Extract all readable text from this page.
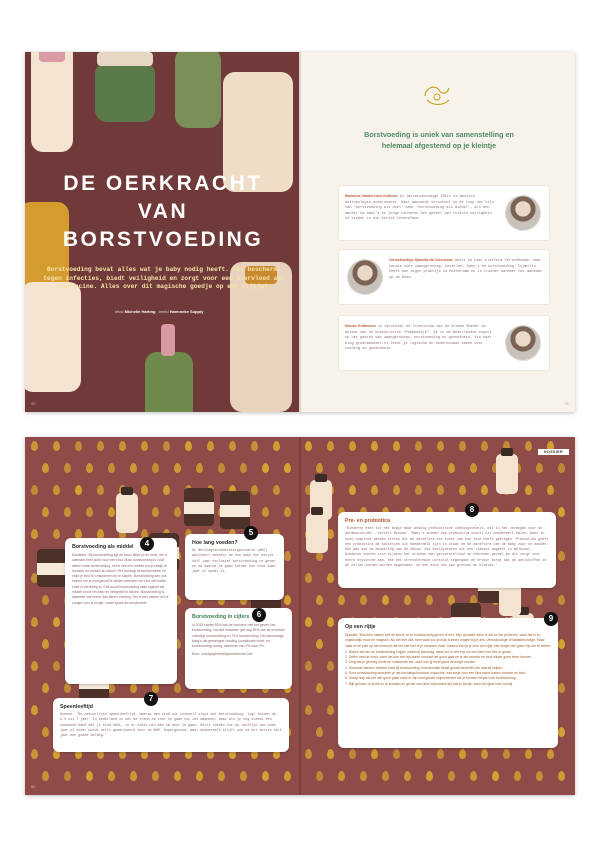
DE OERKRACHT
VAN
BORSTVOEDING
Borstvoeding bevat alles wat je baby nodig heeft. Het beschermt tegen infecties, biedt veiligheid en zorgt voor een overvloed aan oxytocine. Alles over dit magische goedje op een rijtje!
tekst Michelle Harting beeld Hannneke Supply
90
Borstvoeding is uniek van samenstelling en helemaal afgestemd op je kleintje
Marianne Vandervoen-Koikena is lactatiekundige IBCLC en medisch antropologie-onderzoeker. Haar aandacht verschoof in de loop der tijd van 'borstvoeding als doel' naar 'borstvoeding als middel', als een manier om baby's en jonge kinderen een gevoel van relaxte veiligheid te bieden in hun eerste levensfase.
Verloskundige Djamilla da Conceicao deelt op haar platform VerlosMonker haar kennis over zwangerschap, bevallen, baby's en borstvoeding. Djamilla heeft een eigen praktijk in Rotterdam en is trainer wanneer het aankomt op de Rusa.
Nienke Gottenbos is oprichter en frontvrouw van De Groene Moeder en auteur van de boeken/serie "Pompboekje". Ze is de Nederlandse expert op het gebied van zwangerschap, borstvoeding en gezondheid. Via haar blog groenemoeder.nl leest je logische en onderbouwde zaken over voeding en gezondheid.
91
Borstvoeding als middel
Marianne: 'Bij borstvoeding ligt de focus altijd op de melk, die is uiteraard heel goed voor een kind. Maar borstvoeding is nooit alleen maar borstvoeding, het is ook een middel om je kindje te troosten en contact te maken. Het verlaagt stresshormonen en helpt je kind te ontspannen en te slapen. Borstvoeding kan ook helpen om je kind gerust te stellen wanneer het zich niet lekker voelt of verdrietig is. Ook wordt borstvoeding vaak ingezet als middel om te hechten en veiligheid te bieden. Borstvoeding is daarmee veel meer dan alleen voeding. Het is een manier om te zorgen voor je kindje, zowel fysiek als emotioneel.'
4	Hoe lang voeden?
De Wereldgezondheidsorganisatie (WHO) adviseert moeders om hun baby het eerste half jaar exclusief borstvoeding te geven en om daarna te gaan totdat hun kind twee jaar of ouder is.
5
Borstvoeding in cijfers
In 2018 startte 83% van de moeders met het geven van borstvoeding. Na drie maanden gaf nog 39% van de moeders volledige borstvoeding en 73% borstvoeding. Het percentage baby's dat gemengde voeding (combinatie borst- en borstvoeding) kreeg, varieerde van 2% naar 9%.
Bron: voorlopigevoedingsonderzoek.info
6
Speenleeftijd
Nienke: 'De natuurlijke speenleeftijd, waarop een kind uit zichzelf stopt met borstvoeding, ligt tussen de 2,5 tot 7 jaar. In Nederland is het de trend om voor te gaan tot zes maanden, maar als je nog steeds een voedende band met je kind hebt, is er niets mis mee om door te gaan. Borst voeden tot de leeftijd van twee jaar of ouder wordt zelfs geadviseerd door de WHO. Supergezond, want moedermelk blijft ook na het eerste half jaar een goede belang.'
7
92
DOSSIER
Pre- en probiotica
'Kinderen eten tot het begin maar weinig prebiotische voedingsvezels, dit is het vermogen voor de darmbacteriën', vertelt Nienke. 'Baby's vormen hun probiotica vooral uit moedermelk halen, want in onze complexe darmen zitten dit de darmflora een kunst van een luxe heeft gekregen. Prebiotiek geeft een probiotica de bacteriën uit moedermelk zijn in staat om de darmflora van de baby zuur te houden. Dat was ook de bedoeling van de natuur die koolhydraten uit een lidboei omgezet in melkzuur. Kinderen kennen zich tijdens het drinken een geruststellend en tevreden gevoel en dit zorgt voor extra oxytocine aan. Hoe het stresshormoon cortisol tegengaat en ervoor zorgt dat de antistoffen in de cellen kunnen worden opgenomen, en een kind dus kan groeien en bloeien.'
8
Op een rijtje
Djamilla: 'Moeders maken zelf de keuze of ze borstvoeding geven of niet. Mijn grootste wens is dat ze het proberen, want het is zo ongelooflijk mooi en magisch. Als het niet lukt, heel vaak zou je hulp kunnen vragen bij je arts, verloskundige of lactatiekundige. Maar vaak is het juist op het moment dat het niet lukt of je ertussen voelt. Daarna kan je je toch een rijtje met dingen die goed zijn om te weten:
1. Baby's wil van de borstvoeding krijgen zodra hij kan/mag, maar het is niet erg om een keer een fles te geven.
2. Oefen met de borst, want het kan een tijd duren voordat het goed gaat en je als moeder en kind elkaar goed leren kennen.
3. Zorg dat je genoeg drinkt en voldoende eet, want ook jij moet goed verzorgd worden.
4. Gezonde darmen hebben baat bij borstvoeding; moedermelk bevat goede bacteriën die daarbij helpen.
5. Door borstvoeding stimuleer je het hechtingshormoon oxytocine, wat zorgt voor een fijne band tussen moeder en kind.
6. Vraag hulp als het niet goed gaat, want er zijn veel goede hulpverleners die je kunnen helpen met borstvoeding.
7. Blijf geloven in jezelf en je lichaam en geniet van deze bijzondere tijd met je kindje, want het gaat snel voorbij.
9
